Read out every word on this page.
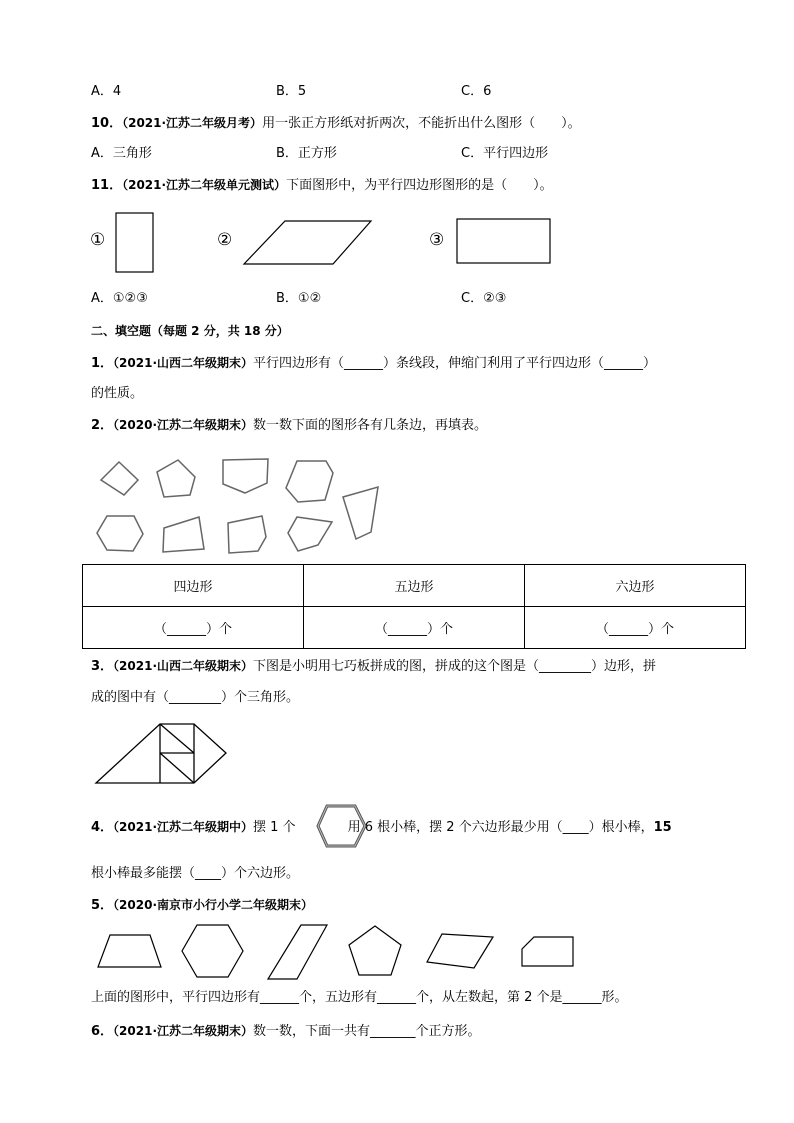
A．4	B．5	C．6
10．（2021·江苏二年级月考）用一张正方形纸对折两次，不能折出什么图形（　　）。
A．三角形	B．正方形	C．平行四边形
11．（2021·江苏二年级单元测试）下面图形中，为平行四边形图形的是（　　）。
①	②	③
A．①②③	B．①②	C．②③
二、填空题（每题 2 分，共 18 分）
1．（2021·山西二年级期末）平行四边形有（______）条线段，伸缩门利用了平行四边形（______）
的性质。
2．（2020·江苏二年级期末）数一数下面的图形各有几条边，再填表。
四边形	五边形	六边形
（______）个	（______）个	（______）个
3．（2021·山西二年级期末）下图是小明用七巧板拼成的图，拼成的这个图是（________）边形，拼
成的图中有（________）个三角形。
4．（2021·江苏二年级期中）摆 1 个	用 6 根小棒，摆 2 个六边形最少用（____）根小棒，15
根小棒最多能摆（____）个六边形。
5．（2020·南京市小行小学二年级期末）
上面的图形中，平行四边形有______个，五边形有______个，从左数起，第 2 个是______形。
6．（2021·江苏二年级期末）数一数，下面一共有_______个正方形。
